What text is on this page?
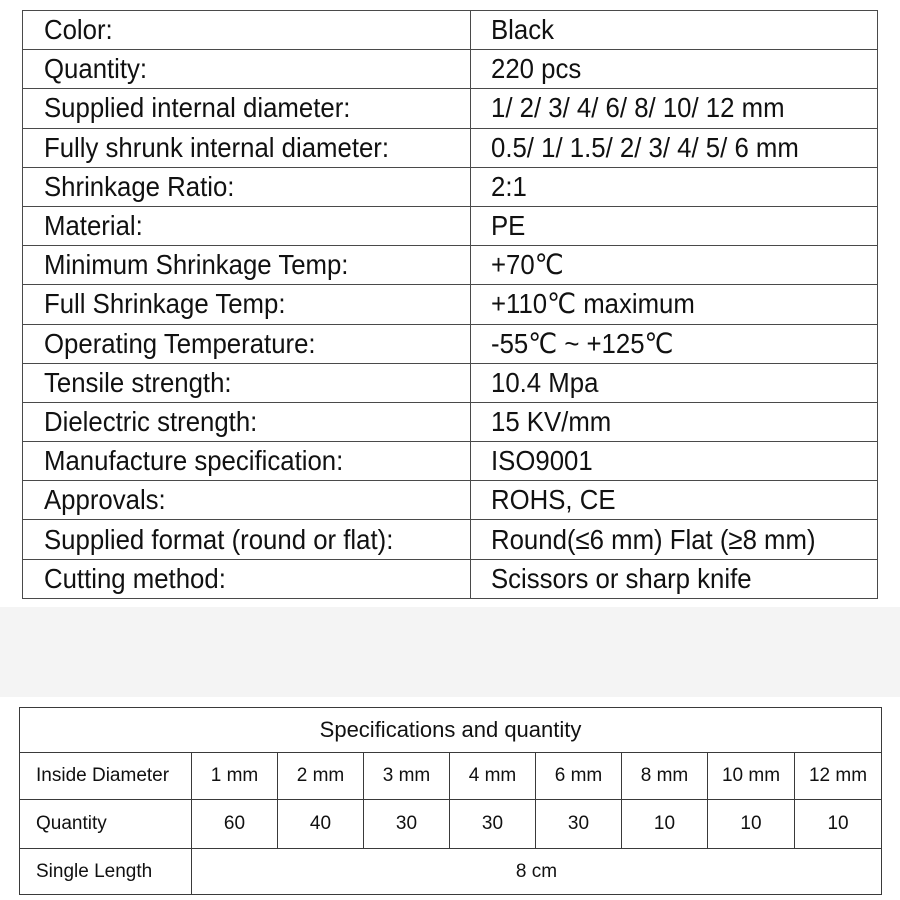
Color:	Black
Quantity:	220 pcs
Supplied internal diameter:	1/ 2/ 3/ 4/ 6/ 8/ 10/ 12 mm
Fully shrunk internal diameter:	0.5/ 1/ 1.5/ 2/ 3/ 4/ 5/ 6 mm
Shrinkage Ratio:	2:1
Material:	PE
Minimum Shrinkage Temp:	+70℃
Full Shrinkage Temp:	+110℃ maximum
Operating Temperature:	-55℃ ~ +125℃
Tensile strength:	10.4 Mpa
Dielectric strength:	15 KV/mm
Manufacture specification:	ISO9001
Approvals:	ROHS, CE
Supplied format (round or flat):	Round(≤6 mm) Flat (≥8 mm)
Cutting method:	Scissors or sharp knife
Specifications and quantity								
Inside Diameter	1 mm	2 mm	3 mm	4 mm	6 mm	8 mm	10 mm	12 mm
Quantity	60	40	30	30	30	10	10	10
Single Length	8 cm							
